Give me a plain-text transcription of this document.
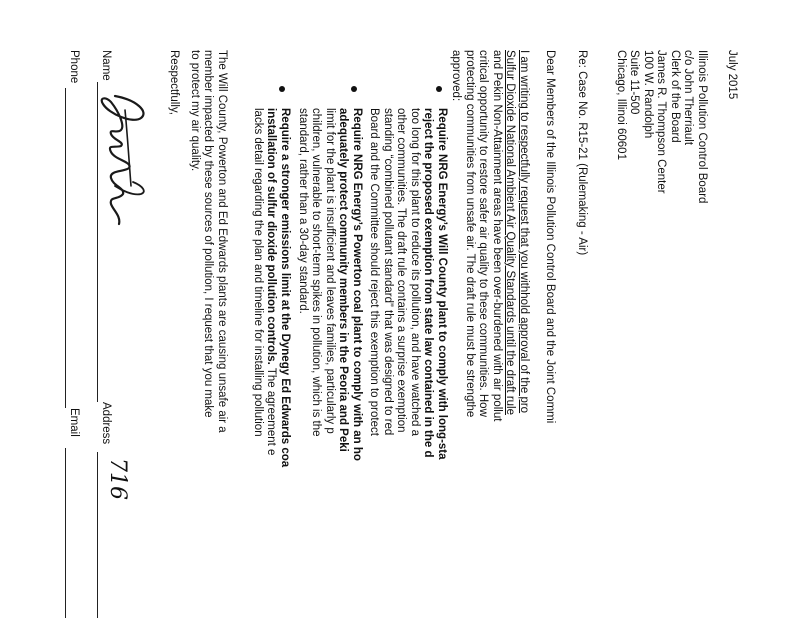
July 2015
Illinois Pollution Control Board
c/o John Therriault
Clerk of the Board
James R. Thompson Center
100 W. Randolph
Suite 11-500
Chicago, Illinoi 60601
Re: Case No. R15-21 (Rulemaking - Air)
Dear Members of the Illinois Pollution Control Board and the Joint Commi
I am writing to respectfully request that you withhold approval of the pro
Sulfur Dioxide National Ambient Air Quality Standards until the draft rule
and Pekin Non-Attainment areas have been over-burdened with air pollut
critical opportunity to restore safer air quality to these communities. How
protecting communities from unsafe air. The draft rule must be strengthe
approved:
Require NRG Energy’s Will County plant to comply with long-sta
reject the proposed exemption from state law contained in the d
too long for this plant to reduce its pollution, and have watched a
other communities. The draft rule contains a surprise exemption
standing “combined pollutant standard” that was designed to red
Board and the Committee should reject this exemption to protect
Require NRG Energy’s Powerton coal plant to comply with an ho
adequately protect community members in the Peoria and Peki
limit for the plant is insufficient and leaves families, particularly p
children, vulnerable to short-term spikes in pollution, which is the
standard, rather than a 30-day standard.
Require a stronger emissions limit at the Dynegy Ed Edwards coa
installation of sulfur dioxide pollution controls. The agreement e
lacks detail regarding the plan and timeline for installing pollution
The Will County, Powerton and Ed Edwards plants are causing unsafe air a
member impacted by these sources of pollution, I request that you make
to protect my air quality.
Respectfully,
Name
Address
716
Phone
Email
